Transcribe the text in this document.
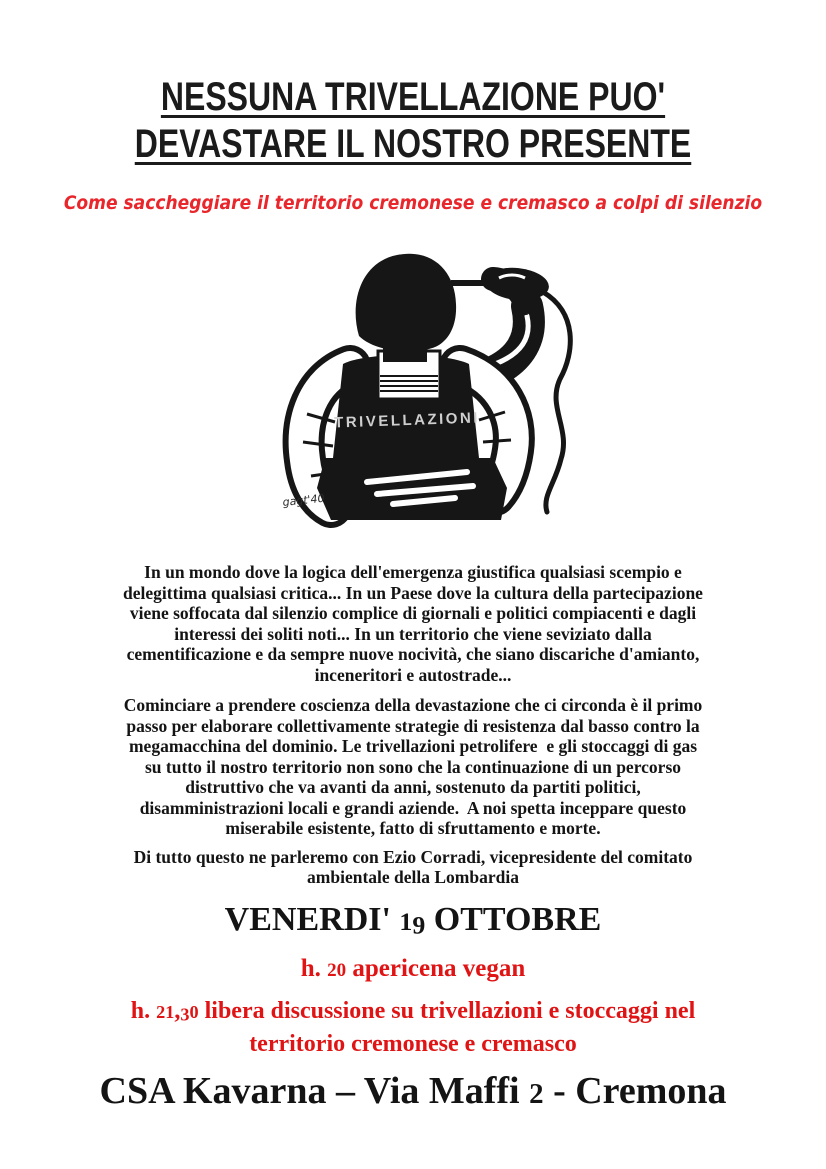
NESSUNA TRIVELLAZIONE PUO'
DEVASTARE IL NOSTRO PRESENTE
Come saccheggiare il territorio cremonese e cremasco a colpi di silenzio
TRIVELLAZIONI
gagt'40
In un mondo dove la logica dell'emergenza giustifica qualsiasi scempio e
delegittima qualsiasi critica... In un Paese dove la cultura della partecipazione
viene soffocata dal silenzio complice di giornali e politici compiacenti e dagli
interessi dei soliti noti... In un territorio che viene seviziato dalla
cementificazione e da sempre nuove nocività, che siano discariche d'amianto,
inceneritori e autostrade...
Cominciare a prendere coscienza della devastazione che ci circonda è il primo
passo per elaborare collettivamente strategie di resistenza dal basso contro la
megamacchina del dominio. Le trivellazioni petrolifere  e gli stoccaggi di gas
su tutto il nostro territorio non sono che la continuazione di un percorso
distruttivo che va avanti da anni, sostenuto da partiti politici,
disamministrazioni locali e grandi aziende.  A noi spetta inceppare questo
miserabile esistente, fatto di sfruttamento e morte.
Di tutto questo ne parleremo con Ezio Corradi, vicepresidente del comitato
ambientale della Lombardia
VENERDI' 19 OTTOBRE
h. 20 apericena vegan
h. 21,30 libera discussione su trivellazioni e stoccaggi nel
territorio cremonese e cremasco
CSA Kavarna – Via Maffi 2 - Cremona
